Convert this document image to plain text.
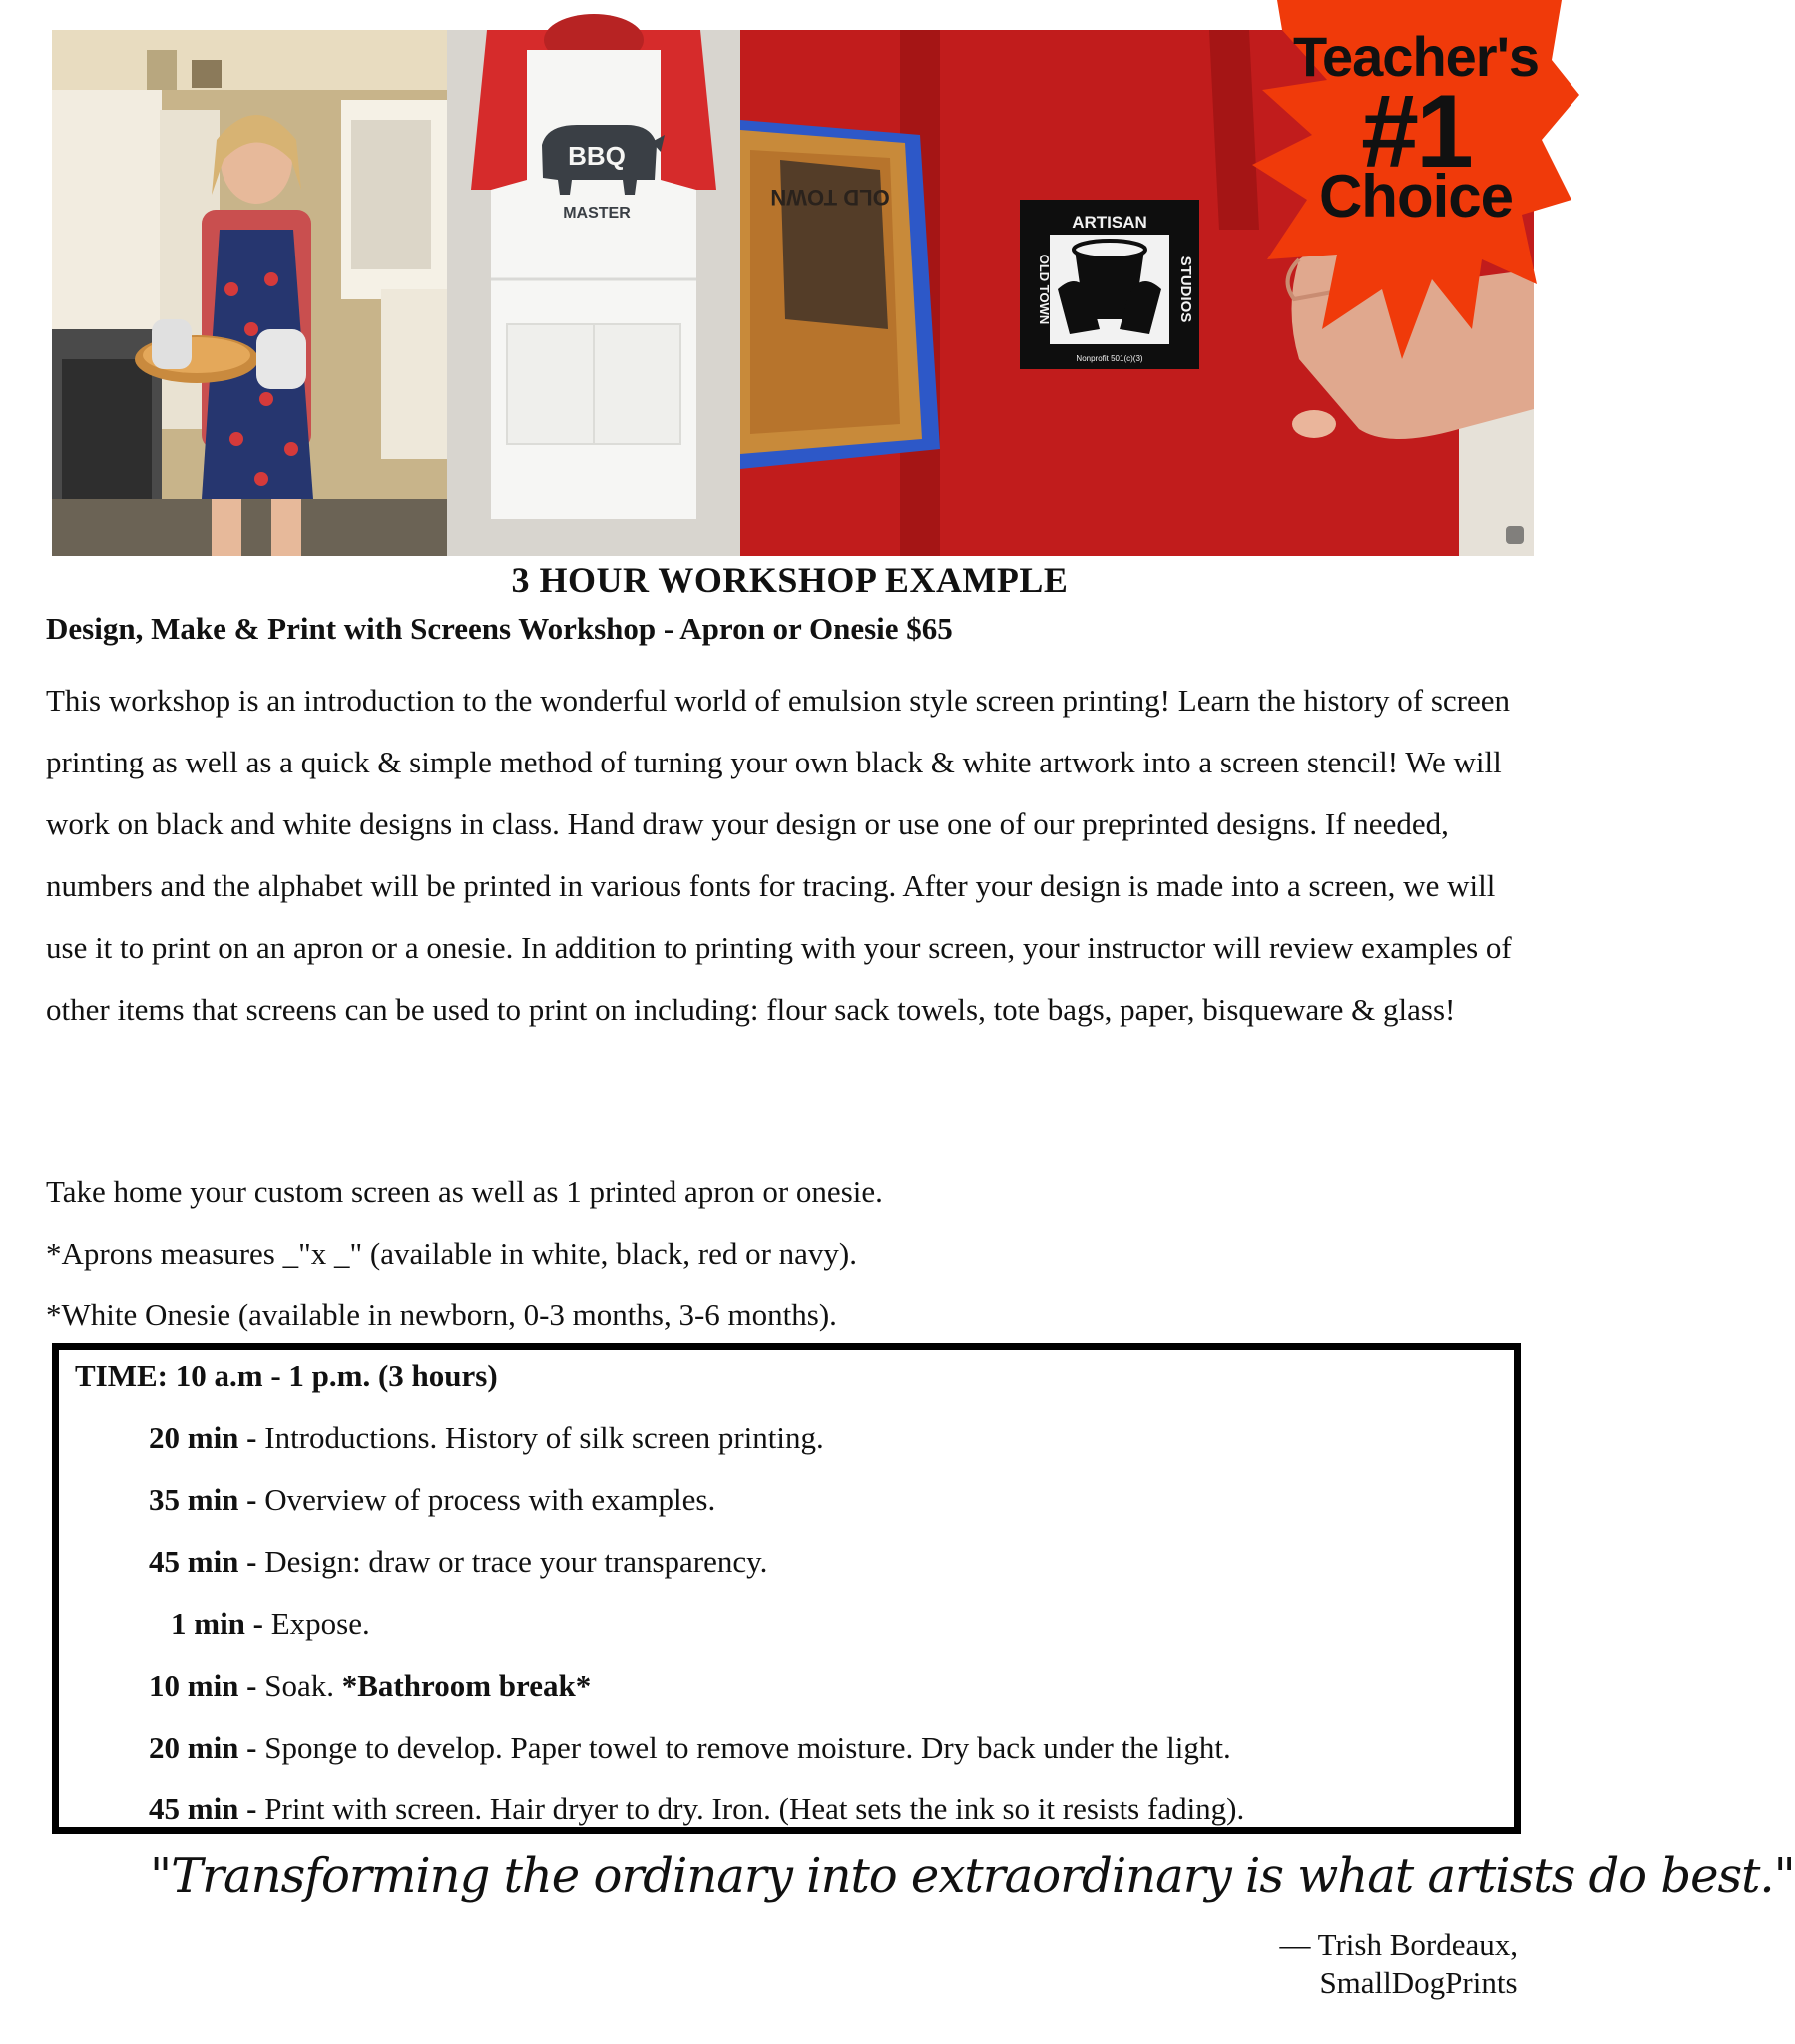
BBQ
MASTER
OLD TOWN
ARTISAN
OLD TOWN	STUDIOS
Nonprofit 501(c)(3)
Teacher's
#1
Choice
3 HOUR WORKSHOP EXAMPLE
Design, Make & Print with Screens Workshop - Apron or Onesie $65

This workshop is an introduction to the wonderful world of emulsion style screen printing! Learn the history of screen printing as well as a quick & simple method of turning your own black & white artwork into a screen stencil! We will work on black and white designs in class. Hand draw your design or use one of our preprinted designs. If needed, numbers and the alphabet will be printed in various fonts for tracing. After your design is made into a screen, we will use it to print on an apron or a onesie. In addition to printing with your screen, your instructor will review examples of other items that screens can be used to print on including: flour sack towels, tote bags, paper, bisqueware & glass!

Take home your custom screen as well as 1 printed apron or onesie.
*Aprons measures _"x _" (available in white, black, red or navy).
*White Onesie (available in newborn, 0-3 months, 3-6 months).
TIME: 10 a.m - 1 p.m. (3 hours)
20 min - Introductions. History of silk screen printing.
35 min - Overview of process with examples.
45 min - Design: draw or trace your transparency.
1 min - Expose.
10 min - Soak. *Bathroom break*
20 min - Sponge to develop. Paper towel to remove moisture. Dry back under the light.
45 min - Print with screen. Hair dryer to dry. Iron. (Heat sets the ink so it resists fading).
"Transforming the ordinary into extraordinary is what artists do best."
— Trish Bordeaux,
SmallDogPrints
